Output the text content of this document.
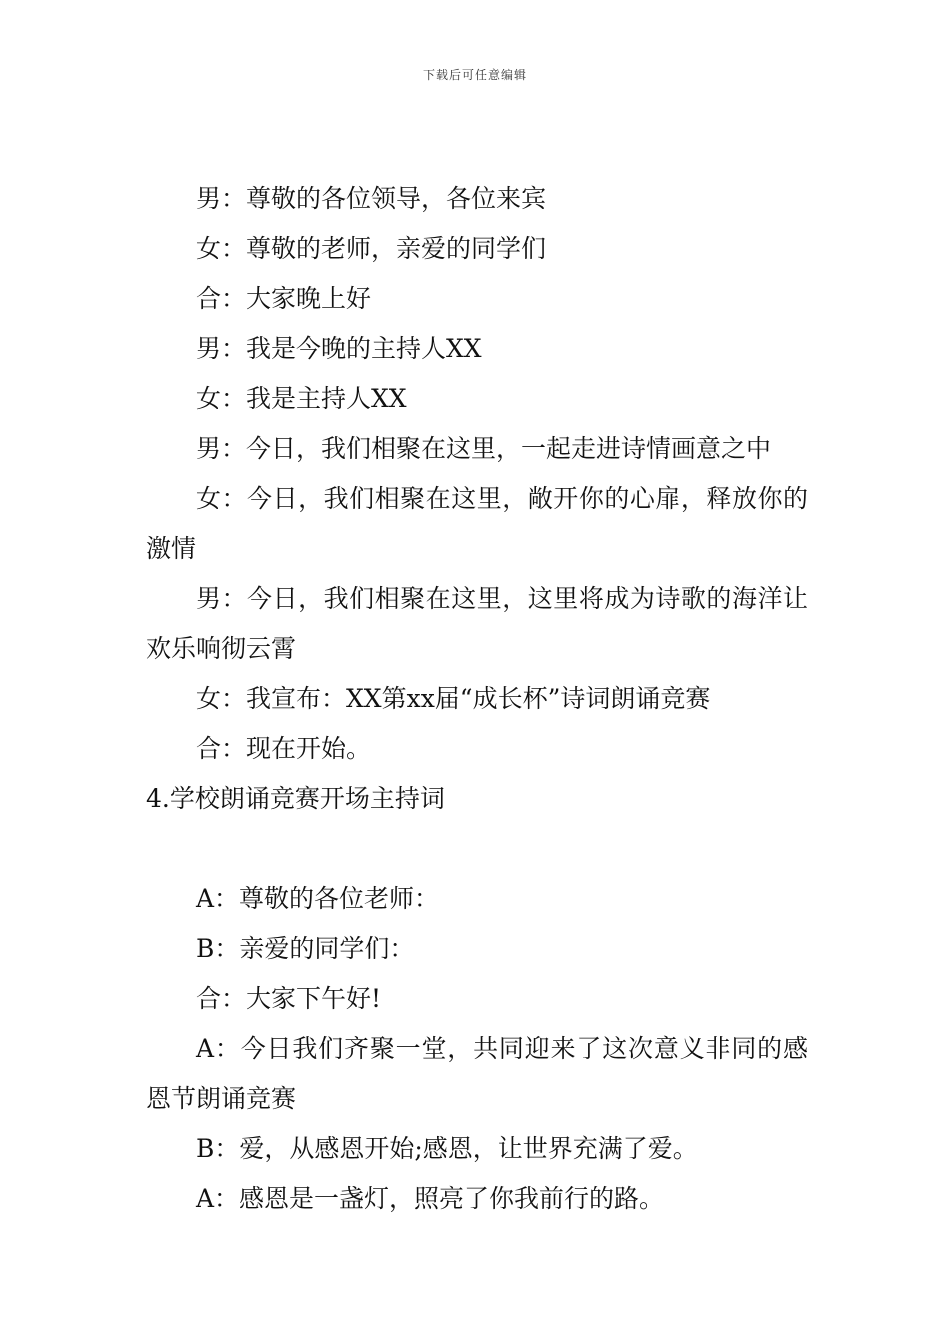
下载后可任意编辑

男：尊敬的各位领导，各位来宾

女：尊敬的老师，亲爱的同学们

合：大家晚上好

男：我是今晚的主持人XX

女：我是主持人XX

男：今日，我们相聚在这里，一起走进诗情画意之中

女：今日，我们相聚在这里，敞开你的心扉，释放你的激情

男：今日，我们相聚在这里，这里将成为诗歌的海洋让欢乐响彻云霄

女：我宣布：XX第xx届“成长杯”诗词朗诵竞赛

合：现在开始。

4.学校朗诵竞赛开场主持词

A：尊敬的各位老师：

B：亲爱的同学们：

合：大家下午好!

A：今日我们齐聚一堂，共同迎来了这次意义非同的感恩节朗诵竞赛

B：爱，从感恩开始;感恩，让世界充满了爱。

A：感恩是一盏灯，照亮了你我前行的路。
